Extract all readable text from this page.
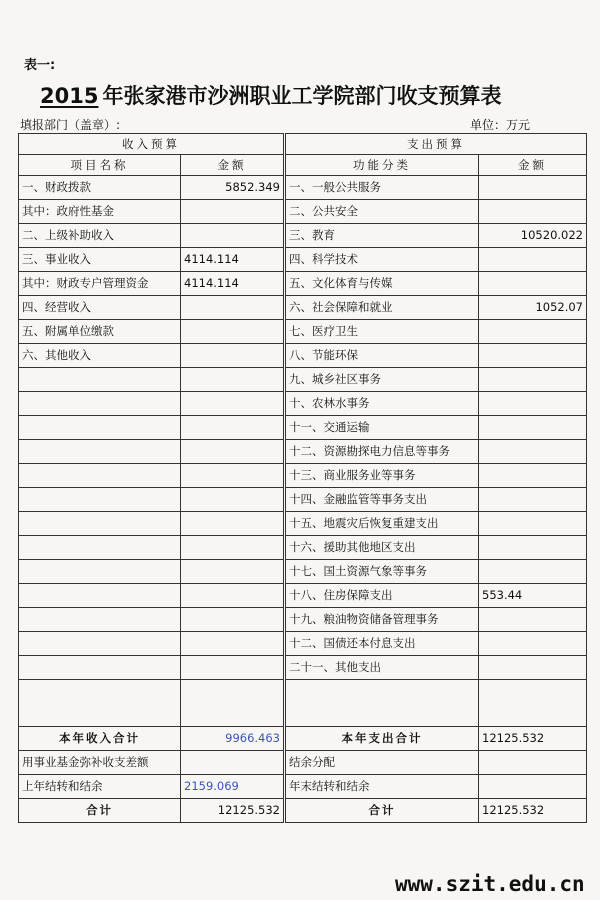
表一:
2015 年张家港市沙洲职业工学院部门收支预算表
填报部门（盖章）:	单位：万元
收入预算		支出预算	
项目名称	金额	功能分类	金额
一、财政拨款	5852.349	一、一般公共服务	
其中：政府性基金		二、公共安全	
二、上级补助收入		三、教育	10520.022
三、事业收入	4114.114	四、科学技术	
其中：财政专户管理资金	4114.114	五、文化体育与传媒	
四、经营收入		六、社会保障和就业	1052.07
五、附属单位缴款		七、医疗卫生	
六、其他收入		八、节能环保	
		九、城乡社区事务	
		十、农林水事务	
		十一、交通运输	
		十二、资源勘探电力信息等事务	
		十三、商业服务业等事务	
		十四、金融监管等事务支出	
		十五、地震灾后恢复重建支出	
		十六、援助其他地区支出	
		十七、国土资源气象等事务	
		十八、住房保障支出	553.44
		十九、粮油物资储备管理事务	
		十二、国债还本付息支出	
		二十一、其他支出	

本年收入合计	9966.463	本年支出合计	12125.532
用事业基金弥补收支差额		结余分配	
上年结转和结余	2159.069	年末结转和结余	
合计	12125.532	合计	12125.532
www.szit.edu.cn
